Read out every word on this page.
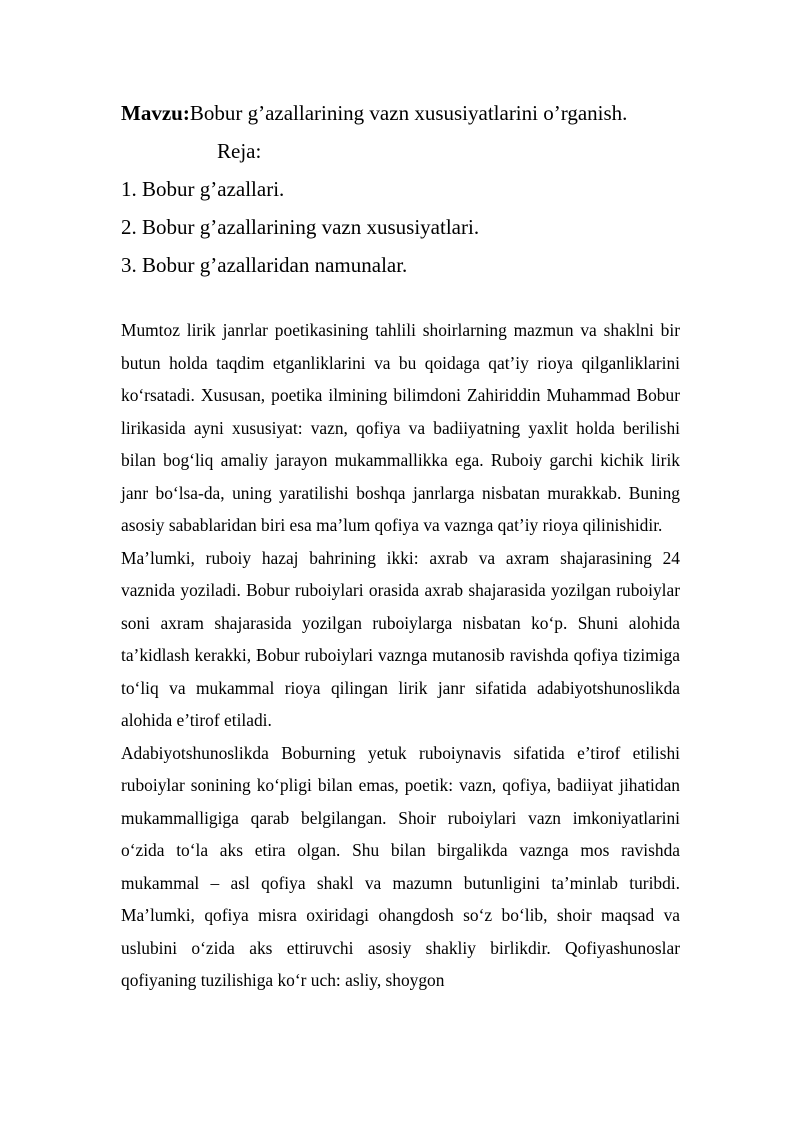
Mavzu:Bobur g’azallarining vazn xususiyatlarini o’rganish.
Reja:
1. Bobur g’azallari.
2. Bobur g’azallarining vazn xususiyatlari.
3. Bobur g’azallaridan namunalar.

Mumtoz lirik janrlar poetikasining tahlili shoirlarning mazmun va shaklni bir butun holda taqdim etganliklarini va bu qoidaga qat’iy rioya qilganliklarini ko‘rsatadi. Xususan, poetika ilmining bilimdoni Zahiriddin Muhammad Bobur lirikasida ayni xususiyat: vazn, qofiya va badiiyatning yaxlit holda berilishi bilan bog‘liq amaliy jarayon mukammallikka ega. Ruboiy garchi kichik lirik janr bo‘lsa-da, uning yaratilishi boshqa janrlarga nisbatan murakkab. Buning asosiy sabablaridan biri esa ma’lum qofiya va vaznga qat’iy rioya qilinishidir.

Ma’lumki, ruboiy hazaj bahrining ikki: axrab va axram shajarasining 24 vaznida yoziladi. Bobur ruboiylari orasida axrab shajarasida yozilgan ruboiylar soni axram shajarasida yozilgan ruboiylarga nisbatan ko‘p. Shuni alohida ta’kidlash kerakki, Bobur ruboiylari vaznga mutanosib ravishda qofiya tizimiga to‘liq va mukammal rioya qilingan lirik janr sifatida adabiyotshunoslikda alohida e’tirof etiladi.

Adabiyotshunoslikda Boburning yetuk ruboiynavis sifatida e’tirof etilishi ruboiylar sonining ko‘pligi bilan emas, poetik: vazn, qofiya, badiiyat jihatidan mukammalligiga qarab belgilangan. Shoir ruboiylari vazn imkoniyatlarini o‘zida to‘la aks etira olgan. Shu bilan birgalikda vaznga mos ravishda mukammal – asl qofiya shakl va mazumn butunligini ta’minlab turibdi. Ma’lumki, qofiya misra oxiridagi ohangdosh so‘z bo‘lib, shoir maqsad va uslubini o‘zida aks ettiruvchi asosiy shakliy birlikdir. Qofiyashunoslar qofiyaning tuzilishiga ko‘r uch: asliy, shoygon
